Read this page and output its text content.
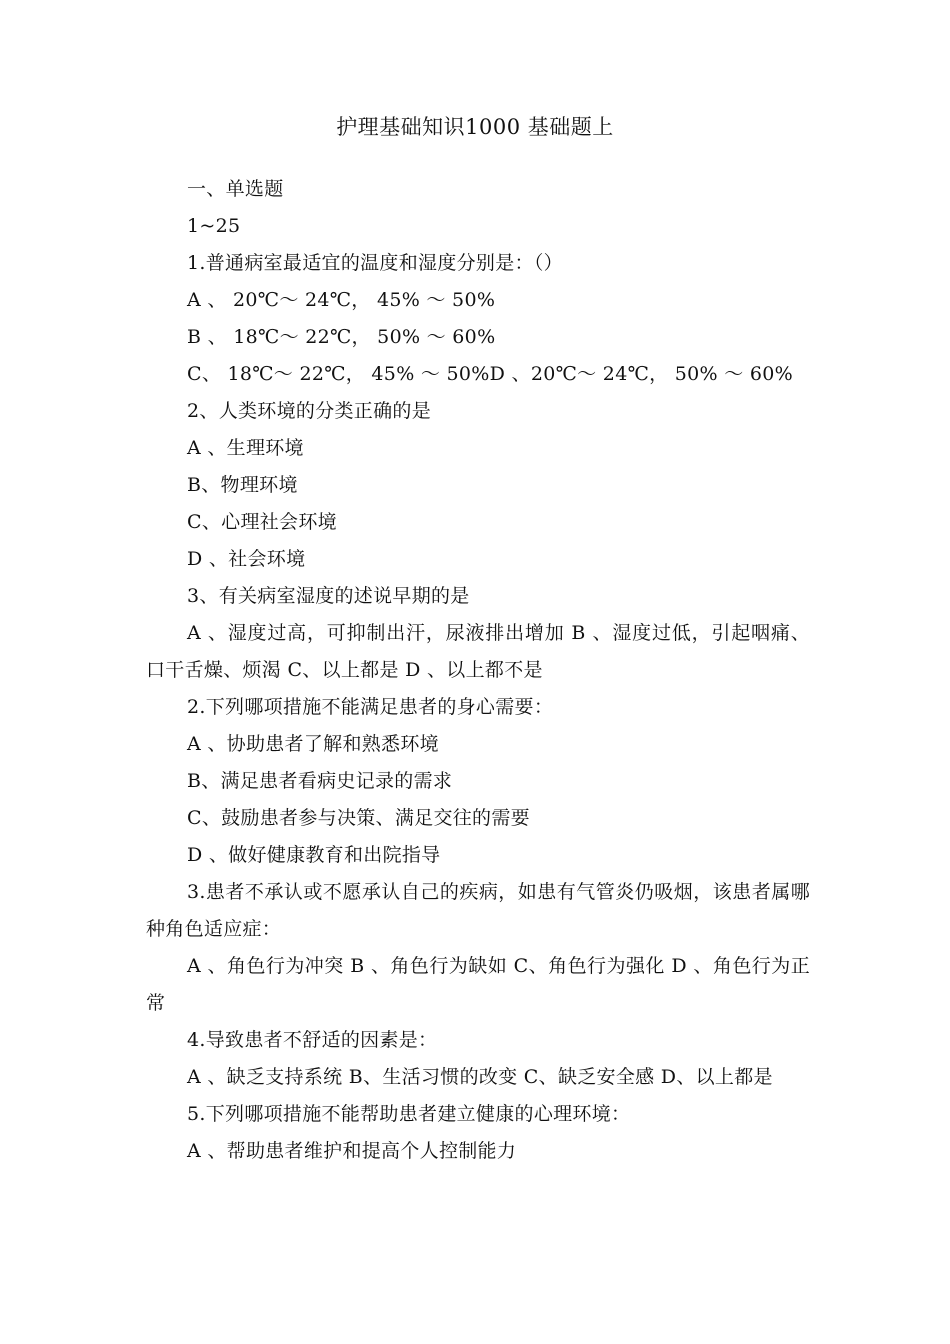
护理基础知识1000 基础题上

一、单选题

1~25

1.普通病室最适宜的温度和湿度分别是：（）

A 、 20℃～ 24℃， 45% ～ 50%

B 、 18℃～ 22℃， 50% ～ 60%

C、 18℃～ 22℃， 45% ～ 50%D 、20℃～ 24℃， 50% ～ 60%

2、人类环境的分类正确的是

A 、生理环境

B、物理环境

C、心理社会环境

D 、社会环境

3、有关病室湿度的述说早期的是

A 、湿度过高，可抑制出汗，尿液排出增加 B 、湿度过低，引起咽痛、口干舌燥、烦渴 C、以上都是 D 、以上都不是

2.下列哪项措施不能满足患者的身心需要：

A 、协助患者了解和熟悉环境

B、满足患者看病史记录的需求

C、鼓励患者参与决策、满足交往的需要

D 、做好健康教育和出院指导

3.患者不承认或不愿承认自己的疾病，如患有气管炎仍吸烟，该患者属哪种角色适应症：

A 、角色行为冲突 B 、角色行为缺如 C、角色行为强化 D 、角色行为正常

4.导致患者不舒适的因素是：

A 、缺乏支持系统 B、生活习惯的改变 C、缺乏安全感 D、以上都是

5.下列哪项措施不能帮助患者建立健康的心理环境：

A 、帮助患者维护和提高个人控制能力
